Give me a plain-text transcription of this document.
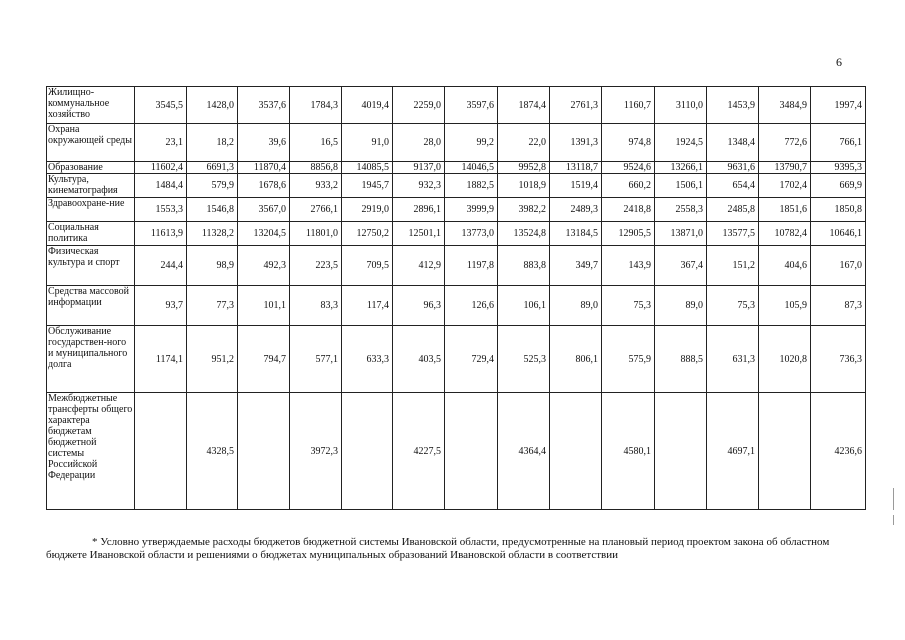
6
Жилищно-коммунальное хозяйство	3545,5	1428,0	3537,6	1784,3	4019,4	2259,0	3597,6	1874,4	2761,3	1160,7	3110,0	1453,9	3484,9	1997,4
Охрана окружающей среды	23,1	18,2	39,6	16,5	91,0	28,0	99,2	22,0	1391,3	974,8	1924,5	1348,4	772,6	766,1
Образование	11602,4	6691,3	11870,4	8856,8	14085,5	9137,0	14046,5	9952,8	13118,7	9524,6	13266,1	9631,6	13790,7	9395,3
Культура, кинематография	1484,4	579,9	1678,6	933,2	1945,7	932,3	1882,5	1018,9	1519,4	660,2	1506,1	654,4	1702,4	669,9
Здравоохране-ние	1553,3	1546,8	3567,0	2766,1	2919,0	2896,1	3999,9	3982,2	2489,3	2418,8	2558,3	2485,8	1851,6	1850,8
Социальная политика	11613,9	11328,2	13204,5	11801,0	12750,2	12501,1	13773,0	13524,8	13184,5	12905,5	13871,0	13577,5	10782,4	10646,1
Физическая культура и спорт	244,4	98,9	492,3	223,5	709,5	412,9	1197,8	883,8	349,7	143,9	367,4	151,2	404,6	167,0
Средства массовой информации	93,7	77,3	101,1	83,3	117,4	96,3	126,6	106,1	89,0	75,3	89,0	75,3	105,9	87,3
Обслуживание государствен-ного и муниципального долга	1174,1	951,2	794,7	577,1	633,3	403,5	729,4	525,3	806,1	575,9	888,5	631,3	1020,8	736,3
Межбюджетные трансферты общего характера бюджетам бюджетной системы Российской Федерации		4328,5		3972,3		4227,5		4364,4		4580,1		4697,1		4236,6

* Условно утверждаемые расходы бюджетов бюджетной системы Ивановской области, предусмотренные на плановый период проектом закона об областном бюджете Ивановской области и решениями о бюджетах муниципальных образований Ивановской области в соответствии
